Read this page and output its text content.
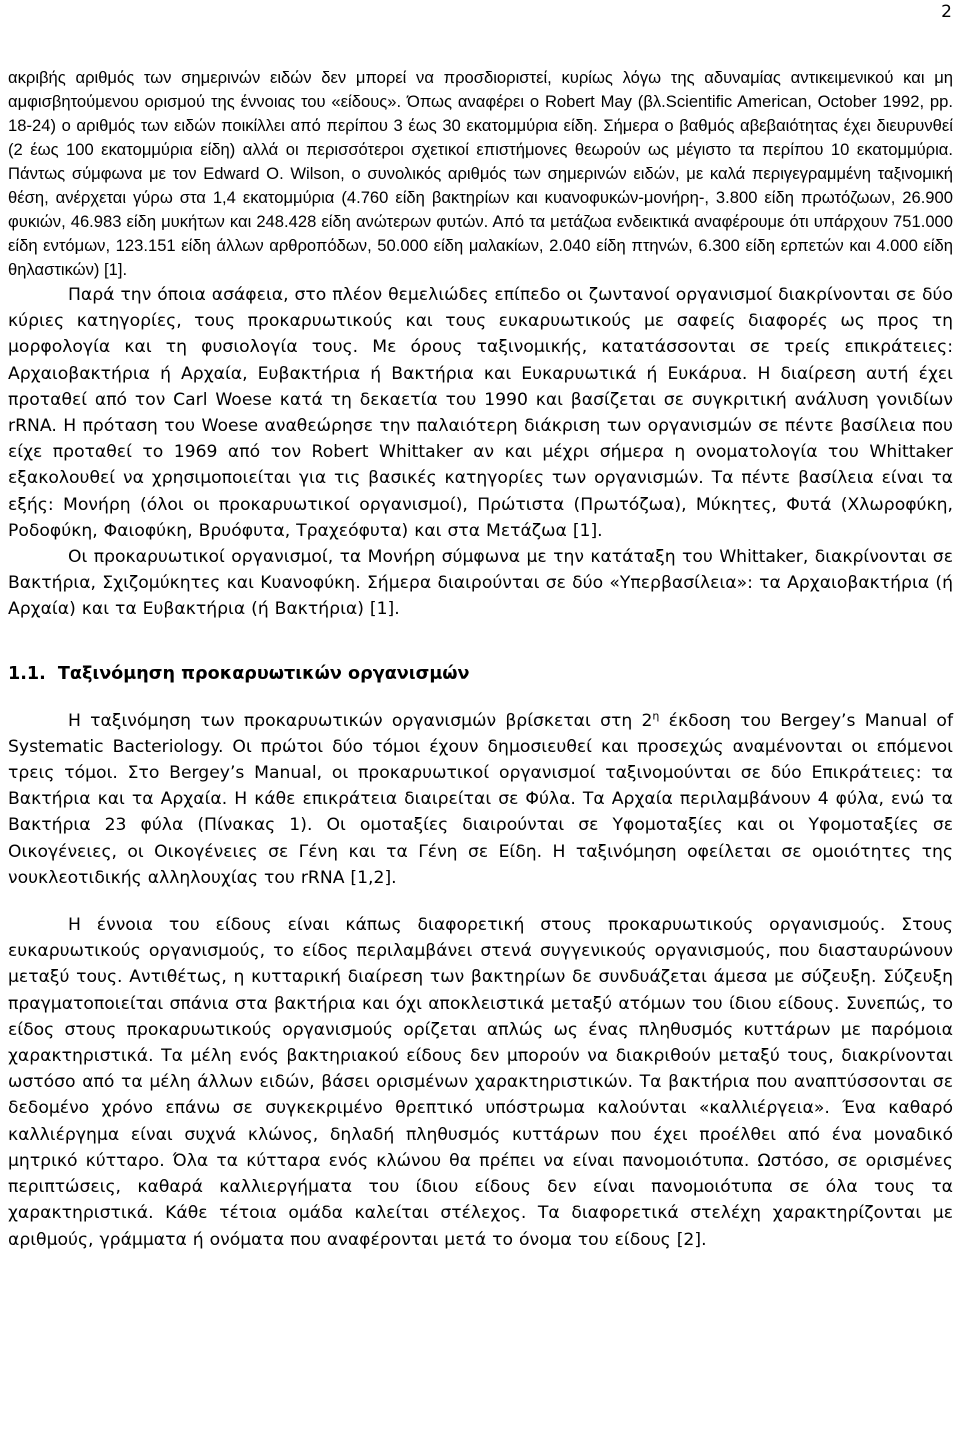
2

ακριβής αριθμός των σημερινών ειδών δεν μπορεί να προσδιοριστεί, κυρίως λόγω της αδυναμίας αντικειμενικού και μη αμφισβητούμενου ορισμού της έννοιας του «είδους». Όπως αναφέρει ο Robert May (βλ.Scientific American, October 1992, pp. 18-24) ο αριθμός των ειδών ποικίλλει από περίπου 3 έως 30 εκατομμύρια είδη. Σήμερα ο βαθμός αβεβαιότητας έχει διευρυνθεί (2 έως 100 εκατομμύρια είδη) αλλά οι περισσότεροι σχετικοί επιστήμονες θεωρούν ως μέγιστο τα περίπου 10 εκατομμύρια. Πάντως σύμφωνα με τον Edward O. Wilson, ο συνολικός αριθμός των σημερινών ειδών, με καλά περιγεγραμμένη ταξινομική θέση, ανέρχεται γύρω στα 1,4 εκατομμύρια (4.760 είδη βακτηρίων και κυανοφυκών-μονήρη-, 3.800 είδη πρωτόζωων, 26.900 φυκιών, 46.983 είδη μυκήτων και 248.428 είδη ανώτερων φυτών. Από τα μετάζωα ενδεικτικά αναφέρουμε ότι υπάρχουν 751.000 είδη εντόμων, 123.151 είδη άλλων αρθροπόδων, 50.000 είδη μαλακίων, 2.040 είδη πτηνών, 6.300 είδη ερπετών και 4.000 είδη θηλαστικών) [1].

Παρά την όποια ασάφεια, στο πλέον θεμελιώδες επίπεδο οι ζωντανοί οργανισμοί διακρίνονται σε δύο κύριες κατηγορίες, τους προκαρυωτικούς και τους ευκαρυωτικούς με σαφείς διαφορές ως προς τη μορφολογία και τη φυσιολογία τους. Με όρους ταξινομικής, κατατάσσονται σε τρείς επικράτειες: Αρχαιοβακτήρια ή Αρχαία, Ευβακτήρια ή Βακτήρια και Ευκαρυωτικά ή Ευκάρυα. Η διαίρεση αυτή έχει προταθεί από τον Carl Woese κατά τη δεκαετία του 1990 και βασίζεται σε συγκριτική ανάλυση γονιδίων rRNA. Η πρόταση του Woese αναθεώρησε την παλαιότερη διάκριση των οργανισμών σε πέντε βασίλεια που είχε προταθεί το 1969 από τον Robert Whittaker αν και μέχρι σήμερα η ονοματολογία του Whittaker εξακολουθεί να χρησιμοποιείται για τις βασικές κατηγορίες των οργανισμών. Τα πέντε βασίλεια είναι τα εξής: Μονήρη (όλοι οι προκαρυωτικοί οργανισμοί), Πρώτιστα (Πρωτόζωα), Μύκητες, Φυτά (Χλωροφύκη, Ροδοφύκη, Φαιοφύκη, Βρυόφυτα, Τραχεόφυτα) και στα Μετάζωα [1].

Οι προκαρυωτικοί οργανισμοί, τα Μονήρη σύμφωνα με την κατάταξη του Whittaker, διακρίνονται σε Βακτήρια, Σχιζομύκητες και Κυανοφύκη. Σήμερα διαιρούνται σε δύο «Υπερβασίλεια»: τα Αρχαιοβακτήρια (ή Αρχαία) και τα Ευβακτήρια (ή Βακτήρια) [1].

1.1. Ταξινόμηση προκαρυωτικών οργανισμών

Η ταξινόμηση των προκαρυωτικών οργανισμών βρίσκεται στη $2^\eta$ έκδοση του Bergey’s Manual of Systematic Bacteriology. Οι πρώτοι δύο τόμοι έχουν δημοσιευθεί και προσεχώς αναμένονται οι επόμενοι τρεις τόμοι. Στο Bergey’s Manual, οι προκαρυωτικοί οργανισμοί ταξινομούνται σε δύο Επικράτειες: τα Βακτήρια και τα Αρχαία. Η κάθε επικράτεια διαιρείται σε Φύλα. Τα Αρχαία περιλαμβάνουν 4 φύλα, ενώ τα Βακτήρια 23 φύλα (Πίνακας 1). Οι ομοταξίες διαιρούνται σε Υφομοταξίες και οι Υφομοταξίες σε Οικογένειες, οι Οικογένειες σε Γένη και τα Γένη σε Είδη. Η ταξινόμηση οφείλεται σε ομοιότητες της νουκλεοτιδικής αλληλουχίας του rRNA [1,2].

Η έννοια του είδους είναι κάπως διαφορετική στους προκαρυωτικούς οργανισμούς. Στους ευκαρυωτικούς οργανισμούς, το είδος περιλαμβάνει στενά συγγενικούς οργανισμούς, που διασταυρώνουν μεταξύ τους. Αντιθέτως, η κυτταρική διαίρεση των βακτηρίων δε συνδυάζεται άμεσα με σύζευξη. Σύζευξη πραγματοποιείται σπάνια στα βακτήρια και όχι αποκλειστικά μεταξύ ατόμων του ίδιου είδους. Συνεπώς, το είδος στους προκαρυωτικούς οργανισμούς ορίζεται απλώς ως ένας πληθυσμός κυττάρων με παρόμοια χαρακτηριστικά. Τα μέλη ενός βακτηριακού είδους δεν μπορούν να διακριθούν μεταξύ τους, διακρίνονται ωστόσο από τα μέλη άλλων ειδών, βάσει ορισμένων χαρακτηριστικών. Τα βακτήρια που αναπτύσσονται σε δεδομένο χρόνο επάνω σε συγκεκριμένο θρεπτικό υπόστρωμα καλούνται «καλλιέργεια». Ένα καθαρό καλλιέργημα είναι συχνά κλώνος, δηλαδή πληθυσμός κυττάρων που έχει προέλθει από ένα μοναδικό μητρικό κύτταρο. Όλα τα κύτταρα ενός κλώνου θα πρέπει να είναι πανομοιότυπα. Ωστόσο, σε ορισμένες περιπτώσεις, καθαρά καλλιεργήματα του ίδιου είδους δεν είναι πανομοιότυπα σε όλα τους τα χαρακτηριστικά. Κάθε τέτοια ομάδα καλείται στέλεχος. Τα διαφορετικά στελέχη χαρακτηρίζονται με αριθμούς, γράμματα ή ονόματα που αναφέρονται μετά το όνομα του είδους [2].
